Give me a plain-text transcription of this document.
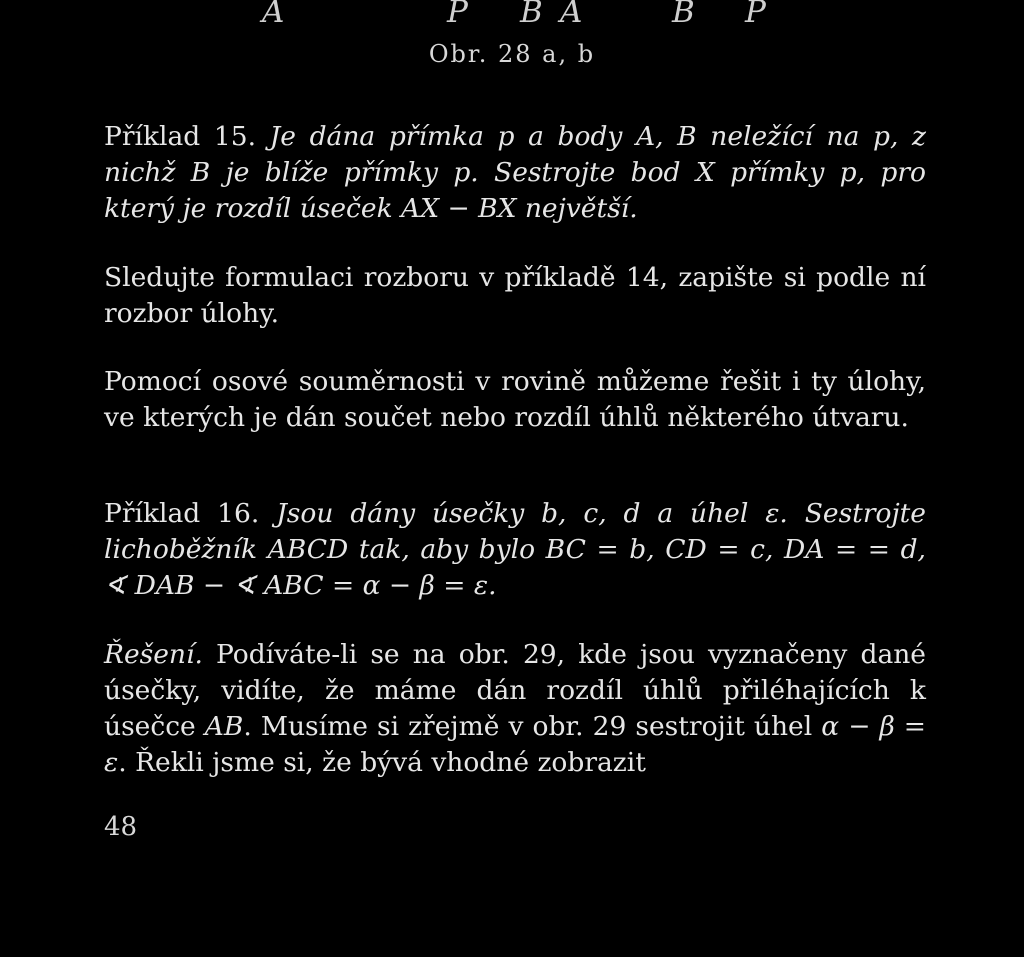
A	P B A	B P
Obr. 28 a, b
Příklad 15. Je dána přímka p a body A, B neležící na p, z nichž B je blíže přímky p. Sestrojte bod X přímky p, pro který je rozdíl úseček AX − BX největší.
Sledujte formulaci rozboru v příkladě 14, zapište si podle ní rozbor úlohy.
Pomocí osové souměrnosti v rovině můžeme řešit i ty úlohy, ve kterých je dán součet nebo rozdíl úhlů některého útvaru.
Příklad 16. Jsou dány úsečky b, c, d a úhel ε. Sestrojte lichoběžník ABCD tak, aby bylo BC = b, CD = c, DA = = d, ∢ DAB − ∢ ABC = α − β = ε.
Řešení. Podíváte-li se na obr. 29, kde jsou vyznačeny dané úsečky, vidíte, že máme dán rozdíl úhlů přiléhajících k úsečce AB. Musíme si zřejmě v obr. 29 sestrojit úhel α − β = ε. Řekli jsme si, že bývá vhodné zobrazit
48
